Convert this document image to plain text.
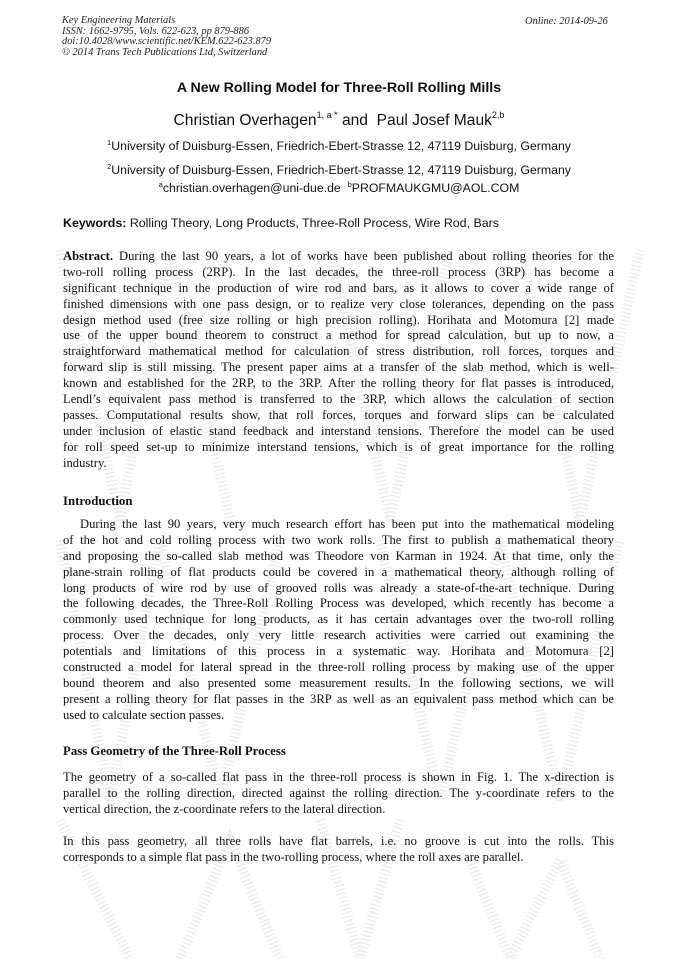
Key Engineering Materials
ISSN: 1662-9795, Vols. 622-623, pp 879-886
doi:10.4028/www.scientific.net/KEM.622-623.879
© 2014 Trans Tech Publications Ltd, Switzerland
Online: 2014-09-26
A New Rolling Model for Three-Roll Rolling Mills
Christian Overhagen$^{1, a *}$ and Paul Josef Mauk$^{2,b}$
$^1$University of Duisburg-Essen, Friedrich-Ebert-Strasse 12, 47119 Duisburg, Germany
$^2$University of Duisburg-Essen, Friedrich-Ebert-Strasse 12, 47119 Duisburg, Germany
$^a$christian.overhagen@uni-due.de $^b$PROFMAUKGMU@AOL.COM
Keywords: Rolling Theory, Long Products, Three-Roll Process, Wire Rod, Bars
Abstract. During the last 90 years, a lot of works have been published about rolling theories for the
two-roll rolling process (2RP). In the last decades, the three-roll process (3RP) has become a
significant technique in the production of wire rod and bars, as it allows to cover a wide range of
finished dimensions with one pass design, or to realize very close tolerances, depending on the pass
design method used (free size rolling or high precision rolling). Horihata and Motomura [2] made
use of the upper bound theorem to construct a method for spread calculation, but up to now, a
straightforward mathematical method for calculation of stress distribution, roll forces, torques and
forward slip is still missing. The present paper aims at a transfer of the slab method, which is well-
known and established for the 2RP, to the 3RP. After the rolling theory for flat passes is introduced,
Lendl’s equivalent pass method is transferred to the 3RP, which allows the calculation of section
passes. Computational results show, that roll forces, torques and forward slips can be calculated
under inclusion of elastic stand feedback and interstand tensions. Therefore the model can be used
for roll speed set-up to minimize interstand tensions, which is of great importance for the rolling
industry.
Introduction
During the last 90 years, very much research effort has been put into the mathematical modeling
of the hot and cold rolling process with two work rolls. The first to publish a mathematical theory
and proposing the so-called slab method was Theodore von Karman in 1924. At that time, only the
plane-strain rolling of flat products could be covered in a mathematical theory, although rolling of
long products of wire rod by use of grooved rolls was already a state-of-the-art technique. During
the following decades, the Three-Roll Rolling Process was developed, which recently has become a
commonly used technique for long products, as it has certain advantages over the two-roll rolling
process. Over the decades, only very little research activities were carried out examining the
potentials and limitations of this process in a systematic way. Horihata and Motomura [2]
constructed a model for lateral spread in the three-roll rolling process by making use of the upper
bound theorem and also presented some measurement results. In the following sections, we will
present a rolling theory for flat passes in the 3RP as well as an equivalent pass method which can be
used to calculate section passes.
Pass Geometry of the Three-Roll Process
The geometry of a so-called flat pass in the three-roll process is shown in Fig. 1. The x-direction is
parallel to the rolling direction, directed against the rolling direction. The y-coordinate refers to the
vertical direction, the z-coordinate refers to the lateral direction.
In this pass geometry, all three rolls have flat barrels, i.e. no groove is cut into the rolls. This
corresponds to a simple flat pass in the two-rolling process, where the roll axes are parallel.
